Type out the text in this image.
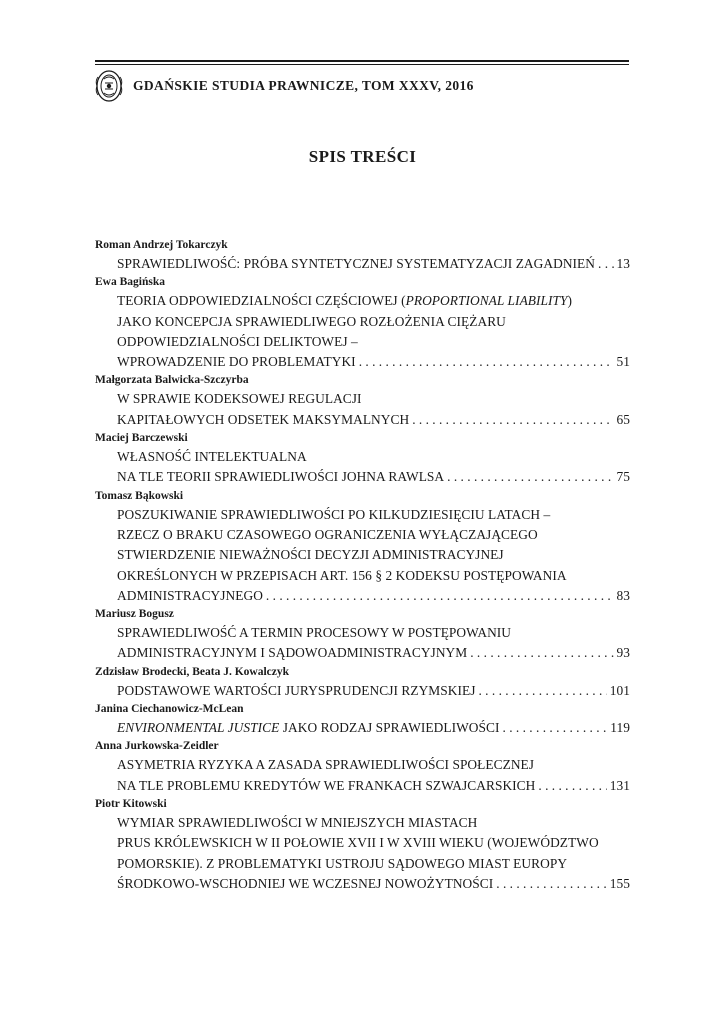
GDAŃSKIE STUDIA PRAWNICZE, TOM XXXV, 2016
SPIS TREŚCI
Roman Andrzej Tokarczyk
SPRAWIEDLIWOŚĆ: PRÓBA SYNTETYCZNEJ SYSTEMATYZACJI ZAGADNIEŃ . . . 13
Ewa Bagińska
TEORIA ODPOWIEDZIALNOŚCI CZĘŚCIOWEJ (PROPORTIONAL LIABILITY)
JAKO KONCEPCJA SPRAWIEDLIWEGO ROZŁOŻENIA CIĘŻARU
ODPOWIEDZIALNOŚCI DELIKTOWEJ –
WPROWADZENIE DO PROBLEMATYKI . . .	51
Małgorzata Balwicka-Szczyrba
W SPRAWIE KODEKSOWEJ REGULACJI
KAPITAŁOWYCH ODSETEK MAKSYMALNYCH . . .	65
Maciej Barczewski
WŁASNOŚĆ INTELEKTUALNA
NA TLE TEORII SPRAWIEDLIWOŚCI JOHNA RAWLSA . . .	75
Tomasz Bąkowski
POSZUKIWANIE SPRAWIEDLIWOŚCI PO KILKUDZIESIĘCIU LATACH –
RZECZ O BRAKU CZASOWEGO OGRANICZENIA WYŁĄCZAJĄCEGO
STWIERDZENIE NIEWAŻNOŚCI DECYZJI ADMINISTRACYJNEJ
OKREŚLONYCH W PRZEPISACH ART. 156 § 2 KODEKSU POSTĘPOWANIA
ADMINISTRACYJNEGO . . .	83
Mariusz Bogusz
SPRAWIEDLIWOŚĆ A TERMIN PROCESOWY W POSTĘPOWANIU
ADMINISTRACYJNYM I SĄDOWOADMINISTRACYJNYM . . .	93
Zdzisław Brodecki, Beata J. Kowalczyk
PODSTAWOWE WARTOŚCI JURYSPRUDENCJI RZYMSKIEJ . . .	101
Janina Ciechanowicz-McLean
ENVIRONMENTAL JUSTICE JAKO RODZAJ SPRAWIEDLIWOŚCI . . .	119
Anna Jurkowska-Zeidler
ASYMETRIA RYZYKA A ZASADA SPRAWIEDLIWOŚCI SPOŁECZNEJ
NA TLE PROBLEMU KREDYTÓW WE FRANKACH SZWAJCARSKICH . . .	131
Piotr Kitowski
WYMIAR SPRAWIEDLIWOŚCI W MNIEJSZYCH MIASTACH
PRUS KRÓLEWSKICH W II POŁOWIE XVII I W XVIII WIEKU (WOJEWÓDZTWO
POMORSKIE). Z PROBLEMATYKI USTROJU SĄDOWEGO MIAST EUROPY
ŚRODKOWO-WSCHODNIEJ WE WCZESNEJ NOWOŻYTNOŚCI . . .	155
